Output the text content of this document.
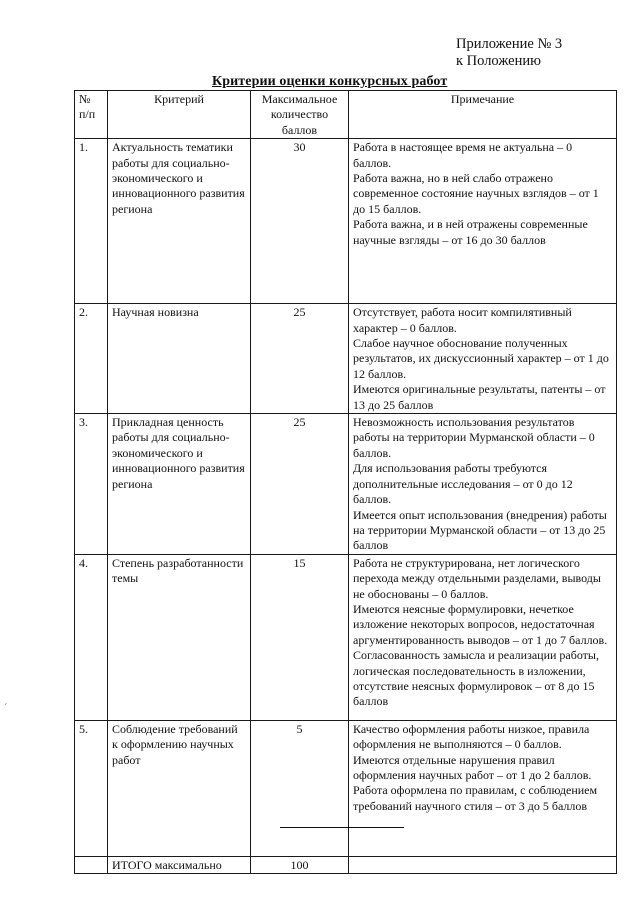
Приложение № 3
к Положению
Критерии оценки конкурсных работ
№ п/п	Критерий	Максимальное количество баллов	Примечание
1.	Актуальность тематики работы для социально-экономического и инновационного развития региона	30	Работа в настоящее время не актуальна – 0 баллов.
Работа важна, но в ней слабо отражено современное состояние научных взглядов – от 1 до 15 баллов.
Работа важна, и в ней отражены современные научные взгляды – от 16 до 30 баллов

2.	Научная новизна	25	Отсутствует, работа носит компилятивный характер – 0 баллов.
Слабое научное обоснование полученных результатов, их дискуссионный характер – от 1 до 12 баллов.
Имеются оригинальные результаты, патенты – от 13 до 25 баллов

3.	Прикладная ценность работы для социально-экономического и инновационного развития региона	25	Невозможность использования результатов работы на территории Мурманской области – 0 баллов.
Для использования работы требуются дополнительные исследования – от 0 до 12 баллов.
Имеется опыт использования (внедрения) работы на территории Мурманской области – от 13 до 25 баллов

4.	Степень разработанности темы	15	Работа не структурирована, нет логического перехода между отдельными разделами, выводы не обоснованы – 0 баллов.
Имеются неясные формулировки, нечеткое изложение некоторых вопросов, недостаточная аргументированность выводов – от 1 до 7 баллов.
Согласованность замысла и реализации работы, логическая последовательность в изложении, отсутствие неясных формулировок – от 8 до 15 баллов

5.	Соблюдение требований к оформлению научных работ	5	Качество оформления работы низкое, правила оформления не выполняются – 0 баллов.
Имеются отдельные нарушения правил оформления научных работ – от 1 до 2 баллов.
Работа оформлена по правилам, с соблюдением требований научного стиля – от 3 до 5 баллов

	ИТОГО максимально	100	
´
